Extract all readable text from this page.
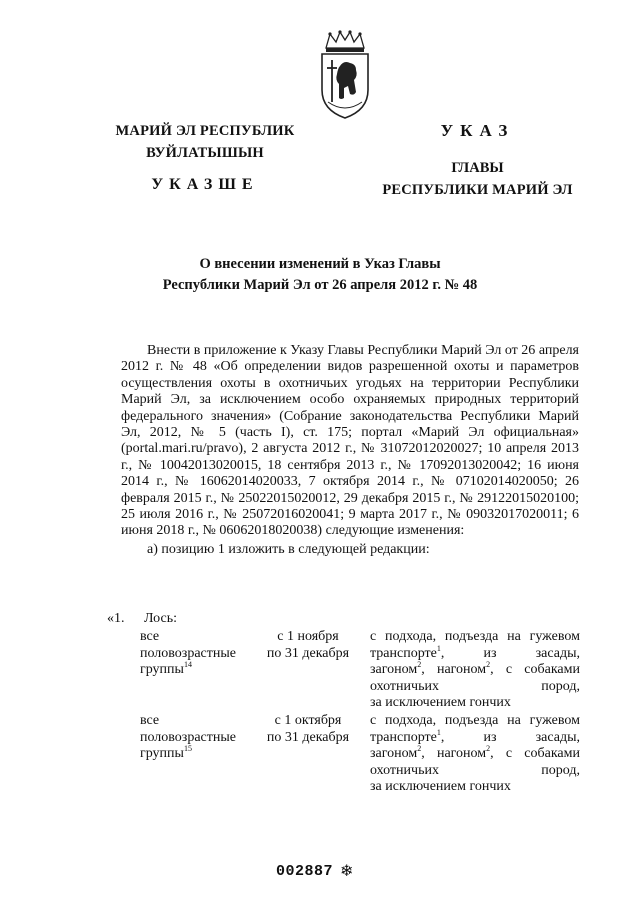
МАРИЙ ЭЛ РЕСПУБЛИК
ВУЙЛАТЫШЫН
УКАЗШЕ
УКАЗ
ГЛАВЫ
РЕСПУБЛИКИ МАРИЙ ЭЛ
О внесении изменений в Указ Главы
Республики Марий Эл от 26 апреля 2012 г. № 48
Внести в приложение к Указу Главы Республики Марий Эл от 26 апреля 2012 г. № 48 «Об определении видов разрешенной охоты и параметров осуществления охоты в охотничьих угодьях на территории Республики Марий Эл, за исключением особо охраняемых природных территорий федерального значения» (Собрание законодательства Республики Марий Эл, 2012, № 5 (часть I), ст. 175; портал «Марий Эл официальная» (portal.mari.ru/pravo), 2 августа 2012 г., № 31072012020027; 10 апреля 2013 г., № 10042013020015, 18 сентября 2013 г., № 17092013020042; 16 июня 2014 г., № 16062014020033, 7 октября 2014 г., № 07102014020050; 26 февраля 2015 г., № 25022015020012, 29 декабря 2015 г., № 29122015020100; 25 июля 2016 г., № 25072016020041; 9 марта 2017 г., № 09032017020011; 6 июня 2018 г., № 06062018020038) следующие изменения:
а) позицию 1 изложить в следующей редакции:
«1. Лось:
все
половозрастные
группы$^{14}$
с 1 ноября
по 31 декабря
с подхода, подъезда на гужевом
транспорте$^1$, из засады,
загоном$^2$, нагоном$^2$, с собаками
охотничьих пород,
за исключением гончих
все
половозрастные
группы$^{15}$
с 1 октября
по 31 декабря
с подхода, подъезда на гужевом
транспорте$^1$, из засады,
загоном$^2$, нагоном$^2$, с собаками
охотничьих пород,
за исключением гончих
002887 ❄
